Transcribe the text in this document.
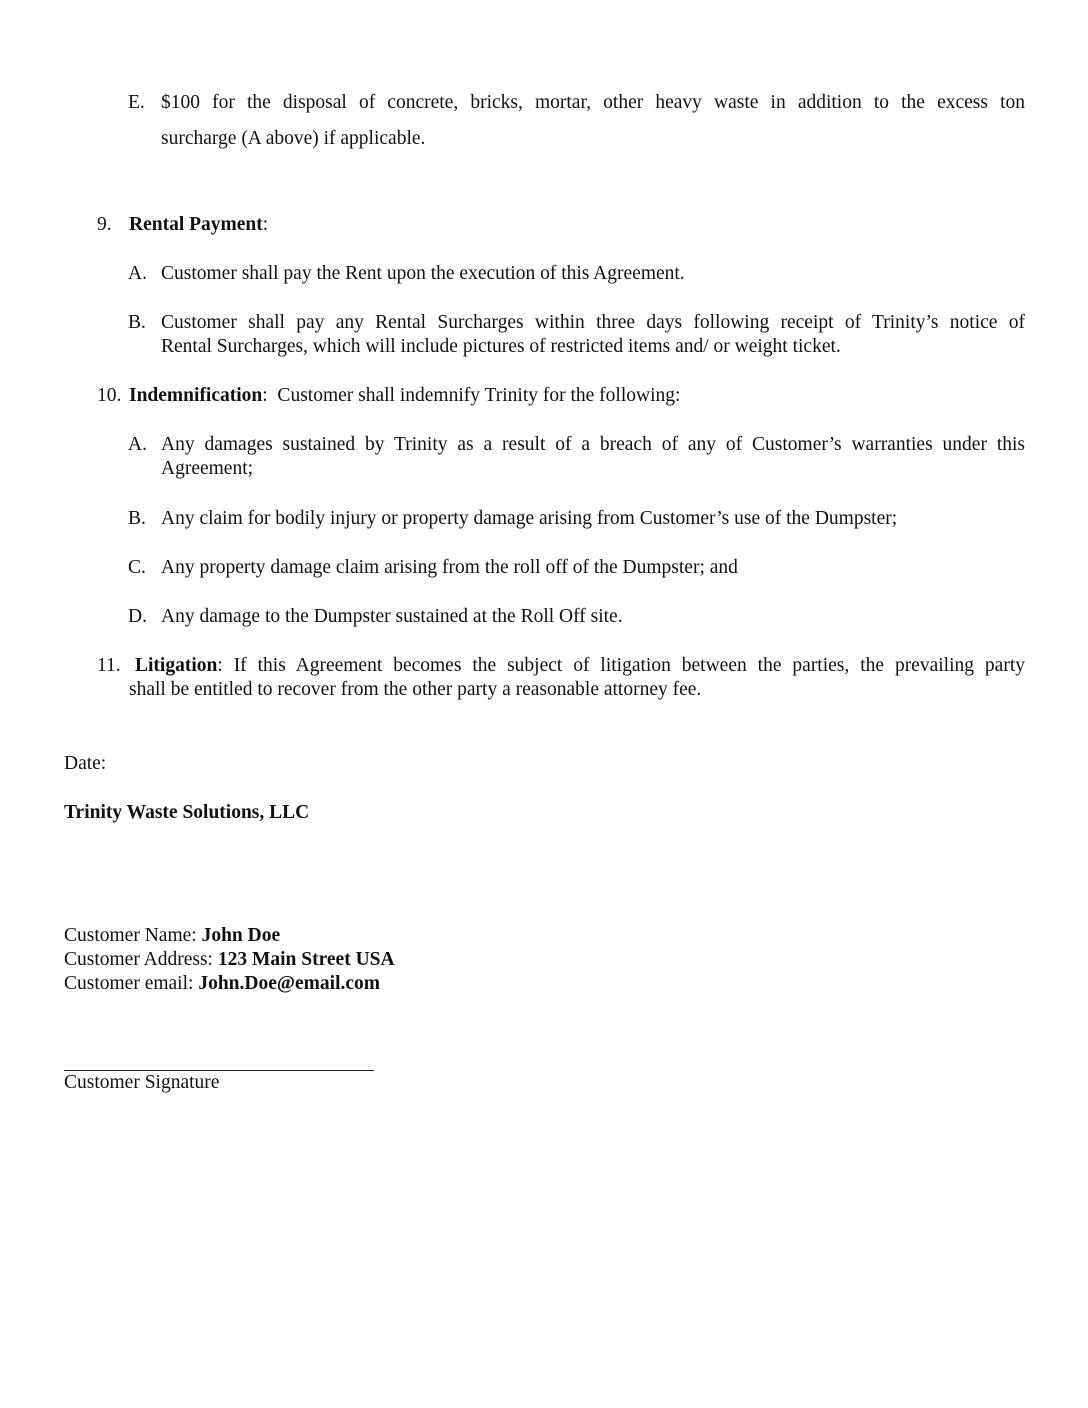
E. $100 for the disposal of concrete, bricks, mortar, other heavy waste in addition to the excess ton
surcharge (A above) if applicable.
9. Rental Payment:
A. Customer shall pay the Rent upon the execution of this Agreement.
B. Customer shall pay any Rental Surcharges within three days following receipt of Trinity’s notice of
Rental Surcharges, which will include pictures of restricted items and/ or weight ticket.
10. Indemnification:  Customer shall indemnify Trinity for the following:
A. Any damages sustained by Trinity as a result of a breach of any of Customer’s warranties under this
Agreement;
B. Any claim for bodily injury or property damage arising from Customer’s use of the Dumpster;
C. Any property damage claim arising from the roll off of the Dumpster; and
D. Any damage to the Dumpster sustained at the Roll Off site.
11. Litigation: If this Agreement becomes the subject of litigation between the parties, the prevailing party
shall be entitled to recover from the other party a reasonable attorney fee.
Date:
Trinity Waste Solutions, LLC
Customer Name: John Doe
Customer Address: 123 Main Street USA
Customer email: John.Doe@email.com
Customer Signature
